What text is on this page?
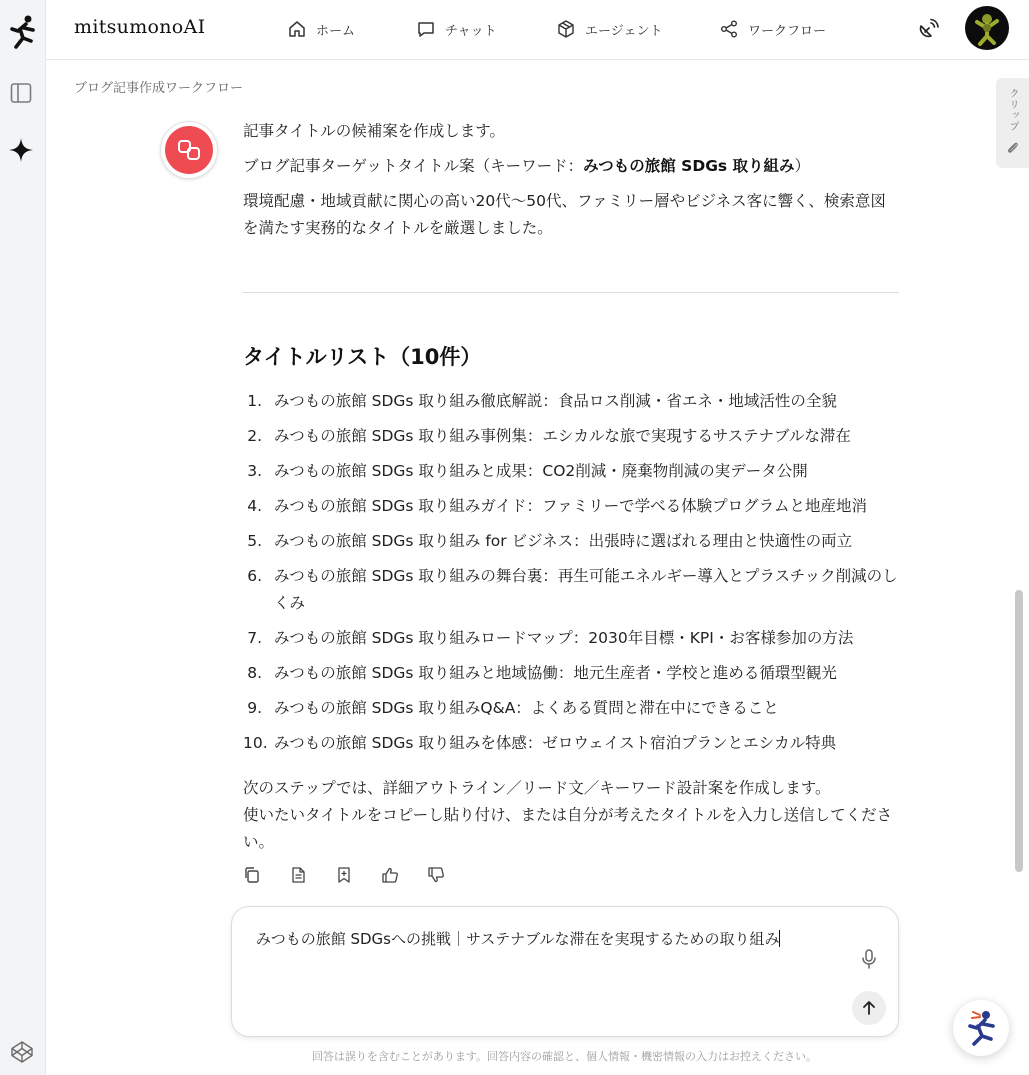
mitsumonoAI	ホーム	チャット	エージェント	ワークフロー
ブログ記事作成ワークフロー	クリップ
記事タイトルの候補案を作成します。
ブログ記事ターゲットタイトル案（キーワード：みつもの旅館 SDGs 取り組み）
環境配慮・地域貢献に関心の高い20代〜50代、ファミリー層やビジネス客に響く、検索意図を満たす実務的なタイトルを厳選しました。
タイトルリスト（10件）
1. みつもの旅館 SDGs 取り組み徹底解説：食品ロス削減・省エネ・地域活性の全貌
2. みつもの旅館 SDGs 取り組み事例集：エシカルな旅で実現するサステナブルな滞在
3. みつもの旅館 SDGs 取り組みと成果：CO2削減・廃棄物削減の実データ公開
4. みつもの旅館 SDGs 取り組みガイド：ファミリーで学べる体験プログラムと地産地消
5. みつもの旅館 SDGs 取り組み for ビジネス：出張時に選ばれる理由と快適性の両立
6. みつもの旅館 SDGs 取り組みの舞台裏：再生可能エネルギー導入とプラスチック削減のしくみ
7. みつもの旅館 SDGs 取り組みロードマップ：2030年目標・KPI・お客様参加の方法
8. みつもの旅館 SDGs 取り組みと地域協働：地元生産者・学校と進める循環型観光
9. みつもの旅館 SDGs 取り組みQ&A：よくある質問と滞在中にできること
10. みつもの旅館 SDGs 取り組みを体感：ゼロウェイスト宿泊プランとエシカル特典
次のステップでは、詳細アウトライン／リード文／キーワード設計案を作成します。
使いたいタイトルをコピーし貼り付け、または自分が考えたタイトルを入力し送信してください。
みつもの旅館 SDGsへの挑戦｜サステナブルな滞在を実現するための取り組み
回答は誤りを含むことがあります。回答内容の確認と、個人情報・機密情報の入力はお控えください。
